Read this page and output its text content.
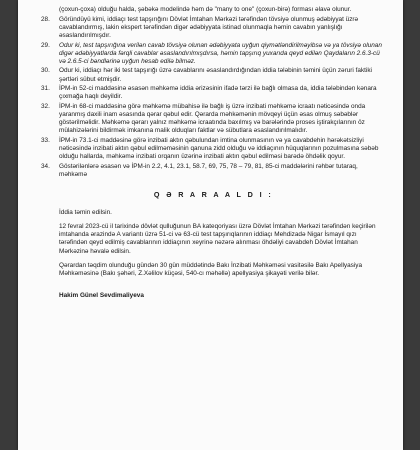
(çoxun-çoxa) olduğu halda, şəbəkə modelində həm də "many to one" (çoxun-birə) forması əlavə olunur.
28.	Göründüyü kimi, iddiaçı test tapşırığını Dövlət İmtahan Mərkəzi tərəfindən tövsiyə olunmuş ədəbiyyat üzrə cavablandırmış, lakin ekspert tərəfindən digər ədəbiyyata istinad olunmaqla həmin cavabın yanlışlığı əsaslandırılmışdır.
29.	Odur ki, test tapşırığına verilən cavab tövsiyə olunan ədəbiyyata uyğun qiymətləndirilməyibsə və ya tövsiyə olunan digər ədəbiyyatlarda fərqli cavablar əsaslandırılmışdırsa, həmin tapşırıq yuxarıda qeyd edilən Qaydaların 2.6.3-cü və 2.6.5-ci bəndlərinə uyğun hesab edilə bilməz.
30.	Odur ki, iddiaçı hər iki test tapşırığı üzrə cavablarını əsaslandırdığından iddia tələbinin təmini üçün zəruri faktiki şərtləri sübut etmişdir.
31.	İPM-in 52-ci maddəsinə əsasən məhkəmə iddia ərizəsinin ifadə tərzi ilə bağlı olmasa da, iddia tələbindən kənara çıxmağa haqlı deyildir.
32.	İPM-in 68-ci maddəsinə görə məhkəmə mübahisə ilə bağlı iş üzrə inzibati məhkəmə icraatı nəticəsində onda yaranmış daxili inam əsasında qərar qəbul edir. Qərarda məhkəmənin mövqeyi üçün əsas olmuş səbəblər göstərilməlidir. Məhkəmə qərarı yalnız məhkəmə icraatında baxılmış və barələrində proses iştirakçılarının öz mülahizələrini bildirmək imkanına malik olduqları faktlar və sübutlara əsaslandırılmalıdır.
33.	İPM-in 73.1-ci maddəsinə görə inzibati aktın qəbulundan imtina olunmasının və ya cavabdehin hərəkətsizliyi nəticəsində inzibati aktın qəbul edilməməsinin qanuna zidd olduğu və iddiaçının hüquqlarının pozulmasına səbəb olduğu hallarda, məhkəmə inzibati orqanın üzərinə inzibati aktın qəbul edilməsi barədə öhdəlik qoyur.
34.	Göstərilənlərə əsasən və İPM-in 2.2, 4.1, 23.1, 58.7, 69, 75, 78 – 79, 81, 85-ci maddələrini rəhbər tutaraq, məhkəmə
Q Ə R A R A A L D I :
İddia təmin edilsin.
12 fevral 2023-cü il tarixində dövlət qulluğunun BA kateqoriyası üzrə Dövlət İmtahan Mərkəzi tərəfindən keçirilən imtahanda ərazində A variantı üzrə 51-ci və 63-cü test tapşırıqlarının iddiaçı Mehdizadə Nigar İsmayıl qızı tərəfindən qeyd edilmiş cavablarının iddiaçının xeyrinə nəzərə alınması öhdəliyi cavabdeh Dövlət İmtahan Mərkəzinə həvalə edilsin.
Qərardan təqdim olunduğu gündən 30 gün müddətində Bakı İnzibati Məhkəməsi vasitəsilə Bakı Apellyasiya Məhkəməsinə (Bakı şəhəri, Z.Xəlilov küçəsi, 540-cı məhəllə) apellyasiya şikayəti verilə bilər.
Hakim Günel Sevdimaliyeva
